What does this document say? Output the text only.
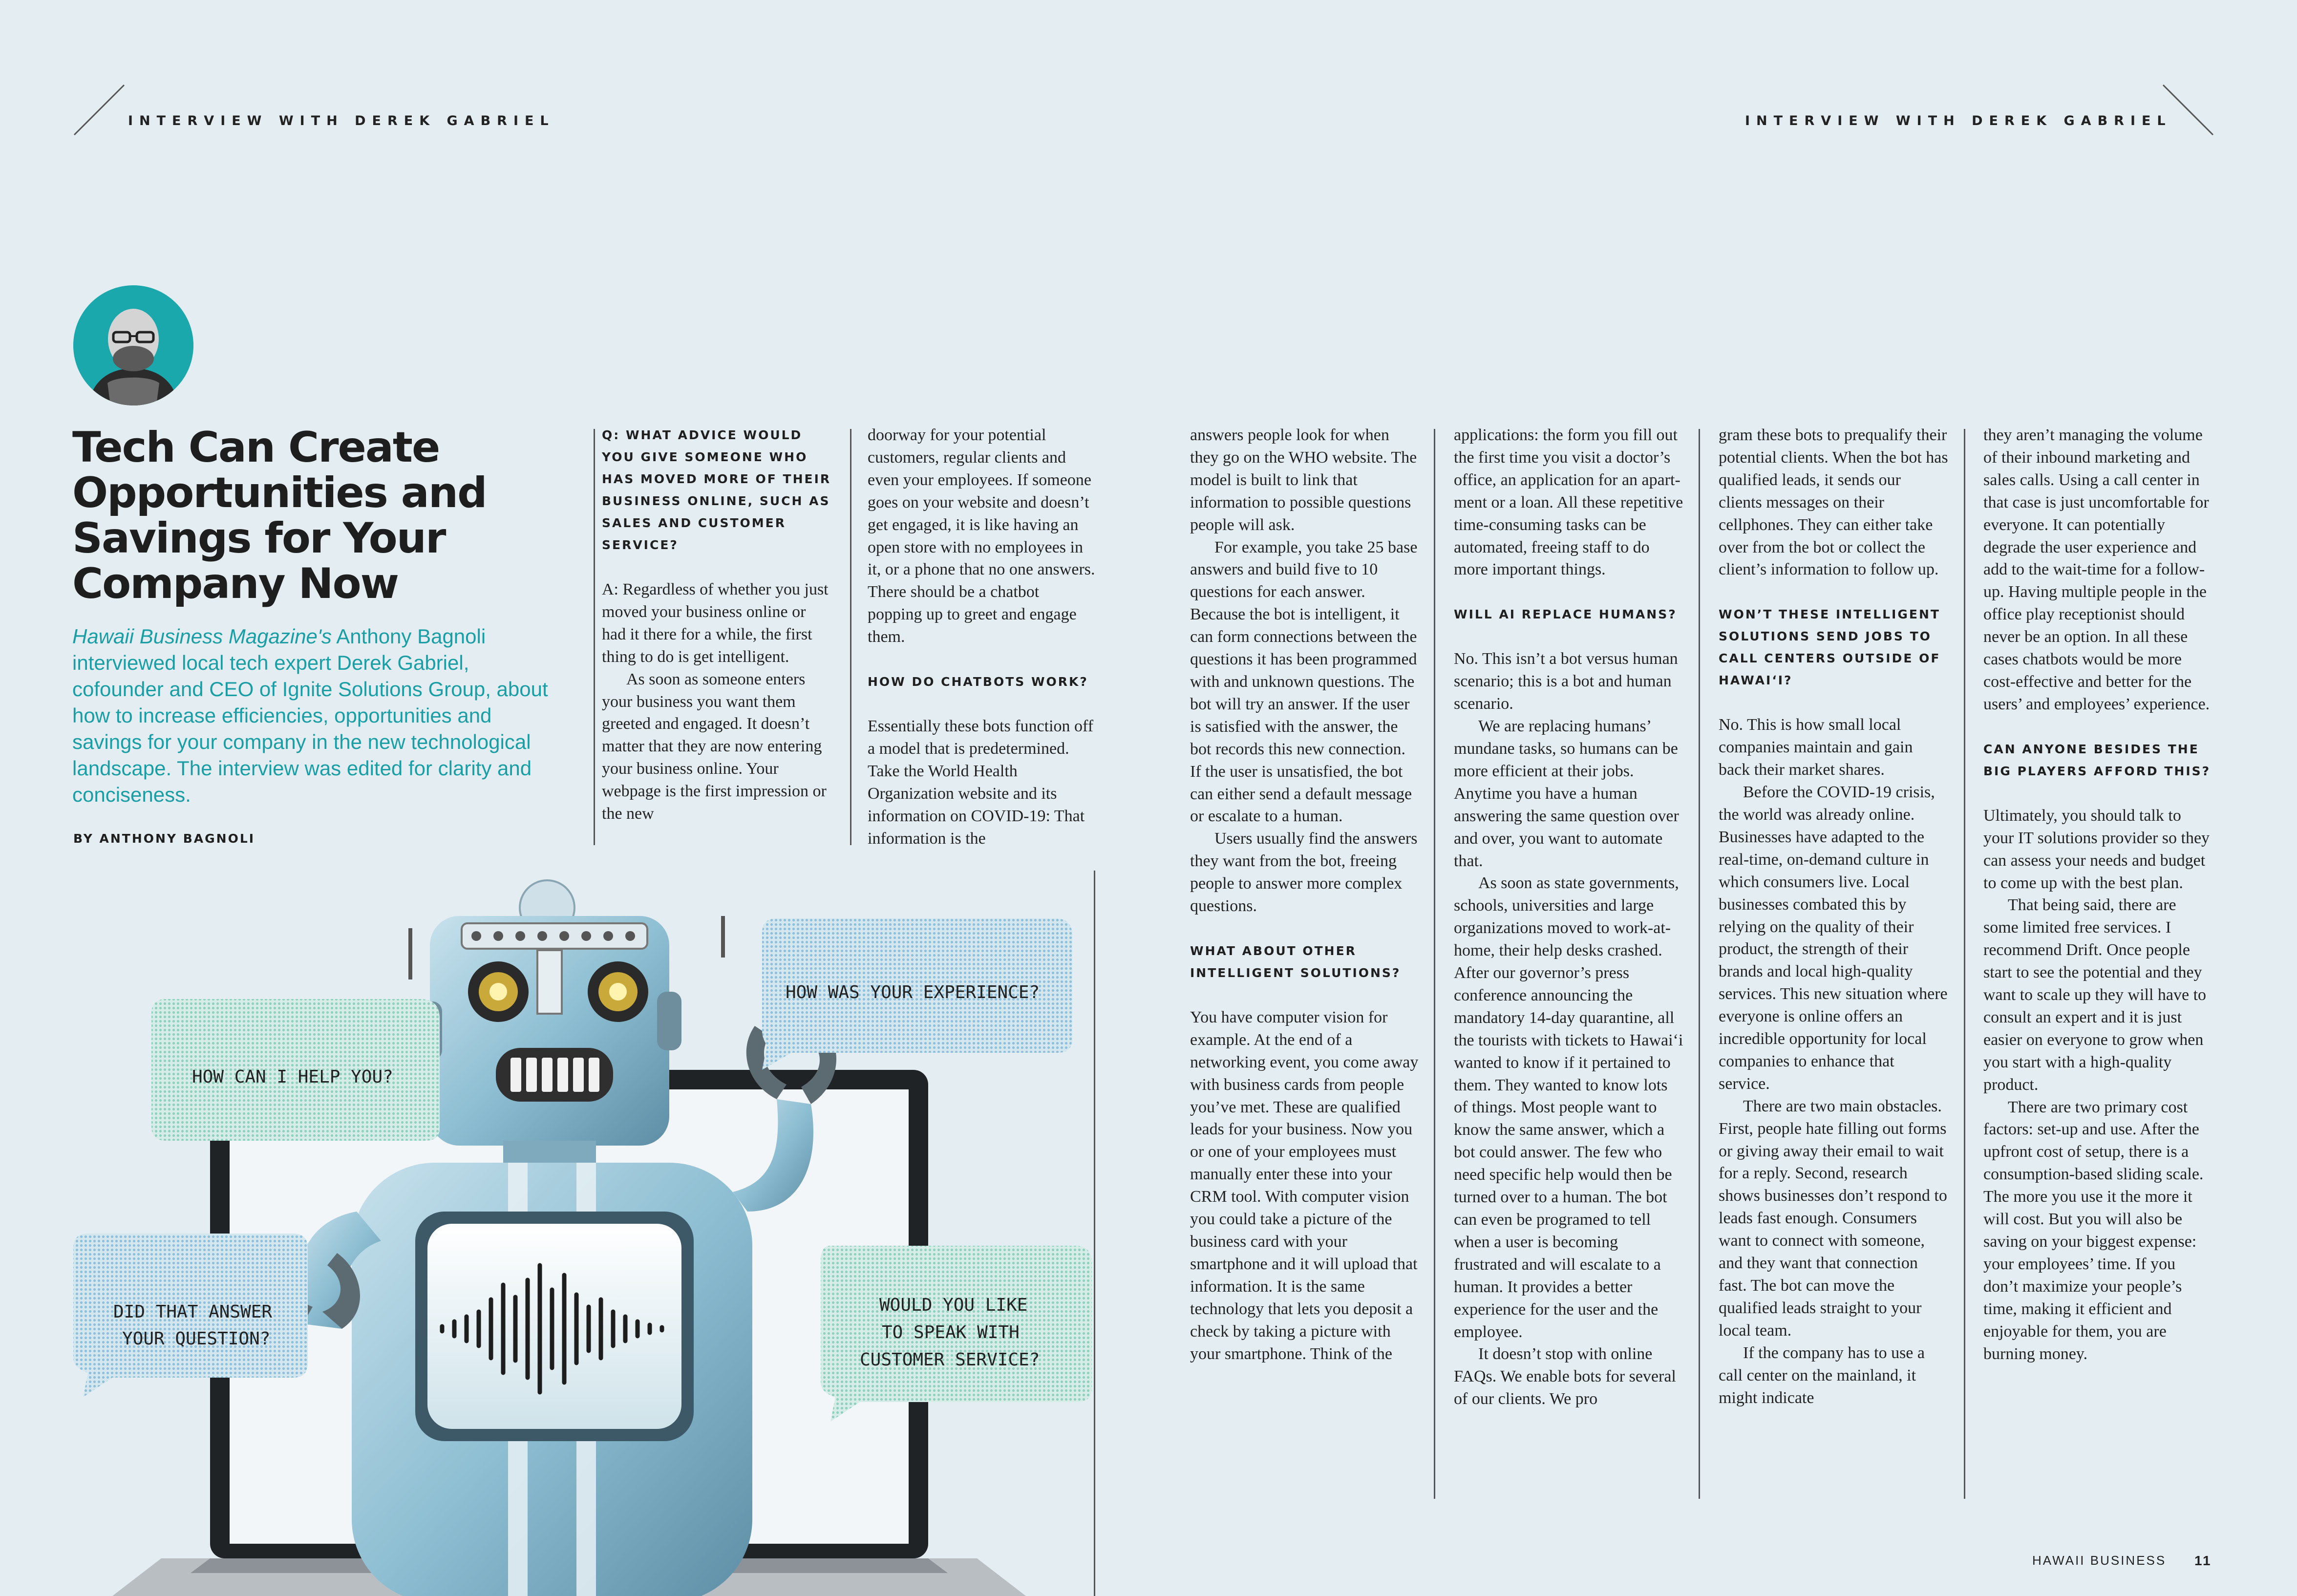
INTERVIEW WITH DEREK GABRIEL	INTERVIEW WITH DEREK GABRIEL
Tech Can Create Opportunities and Savings for Your Company Now

Hawaii Business Magazine's Anthony Bagnoli interviewed local tech expert Derek Gabriel, cofounder and CEO of Ignite Solutions Group, about how to increase efficiencies, opportunities and savings for your company in the new technological landscape. The interview was edited for clarity and conciseness.

BY ANTHONY BAGNOLI
Q: WHAT ADVICE WOULD YOU GIVE SOMEONE WHO HAS MOVED MORE OF THEIR BUSINESS ONLINE, SUCH AS SALES AND CUSTOMER SERVICE?

A: Regardless of whether you just moved your business online or had it there for a while, the first thing to do is get intelligent.

As soon as someone enters your business you want them greeted and engaged. It doesn’t matter that they are now entering your business online. Your webpage is the first impression or the new

doorway for your potential customers, regular clients and even your employees. If someone goes on your website and doesn’t get engaged, it is like having an open store with no employees in it, or a phone that no one answers. There should be a chatbot popping up to greet and engage them.

HOW DO CHATBOTS WORK?

Essentially these bots function off a model that is predetermined. Take the World Health Organization website and its information on COVID-19: That information is the

answers people look for when they go on the WHO website. The model is built to link that information to possible questions people will ask.

For example, you take 25 base answers and build five to 10 questions for each answer. Because the bot is intelligent, it can form connections between the questions it has been programmed with and unknown questions. The bot will try an answer. If the user is satisfied with the answer, the bot records this new connection. If the user is unsatisfied, the bot can either send a default message or escalate to a human.

Users usually find the answers they want from the bot, freeing people to answer more complex questions.

WHAT ABOUT OTHER INTELLIGENT SOLUTIONS?

You have computer vision for example. At the end of a networking event, you come away with business cards from people you’ve met. These are qualified leads for your business. Now you or one of your employees must manually enter these into your CRM tool. With computer vision you could take a picture of the business card with your smartphone and it will upload that information. It is the same technology that lets you deposit a check by taking a picture with your smartphone. Think of the

applications: the form you fill out the first time you visit a doctor’s office, an application for an apartment or a loan. All these repetitive time-consuming tasks can be automated, freeing staff to do more important things.

WILL AI REPLACE HUMANS?

No. This isn’t a bot versus human scenario; this is a bot and human scenario.

We are replacing humans’ mundane tasks, so humans can be more efficient at their jobs. Anytime you have a human answering the same question over and over, you want to automate that.

As soon as state governments, schools, universities and large organizations moved to work-at-home, their help desks crashed. After our governor’s press conference announcing the mandatory 14-day quarantine, all the tourists with tickets to Hawaiʻi wanted to know if it pertained to them. They wanted to know lots of things. Most people want to know the same answer, which a bot could answer. The few who need specific help would then be turned over to a human. The bot can even be programed to tell when a user is becoming frustrated and will escalate to a human. It provides a better experience for the user and the employee.

It doesn’t stop with online FAQs. We enable bots for several of our clients. We pro

gram these bots to prequalify their potential clients. When the bot has qualified leads, it sends our clients messages on their cellphones. They can either take over from the bot or collect the client’s information to follow up.

WON’T THESE INTELLIGENT SOLUTIONS SEND JOBS TO CALL CENTERS OUTSIDE OF HAWAIʻI?

No. This is how small local companies maintain and gain back their market shares.

Before the COVID-19 crisis, the world was already online. Businesses have adapted to the real-time, on-demand culture in which consumers live. Local businesses combated this by relying on the quality of their product, the strength of their brands and local high-quality services. This new situation where everyone is online offers an incredible opportunity for local companies to enhance that service.

There are two main obstacles. First, people hate filling out forms or giving away their email to wait for a reply. Second, research shows businesses don’t respond to leads fast enough. Consumers want to connect with someone, and they want that connection fast. The bot can move the qualified leads straight to your local team.

If the company has to use a call center on the mainland, it might indicate

they aren’t managing the volume of their inbound marketing and sales calls. Using a call center in that case is just uncomfortable for everyone. It can potentially degrade the user experience and add to the wait-time for a follow-up. Having multiple people in the office play receptionist should never be an option. In all these cases chatbots would be more cost-effective and better for the users’ and employees’ experience.

CAN ANYONE BESIDES THE BIG PLAYERS AFFORD THIS?

Ultimately, you should talk to your IT solutions provider so they can assess your needs and budget to come up with the best plan.

That being said, there are some limited free services. I recommend Drift. Once people start to see the potential and they want to scale up they will have to consult an expert and it is just easier on everyone to grow when you start with a high-quality product.

There are two primary cost factors: set-up and use. After the upfront cost of setup, there is a consumption-based sliding scale. The more you use it the more it will cost. But you will also be saving on your biggest expense: your employees’ time. If you don’t maximize your people’s time, making it efficient and enjoyable for them, you are burning money.

HOW CAN I HELP YOU?
HOW WAS YOUR EXPERIENCE?
DID THAT ANSWER
YOUR QUESTION?
WOULD YOU LIKE
TO SPEAK WITH
CUSTOMER SERVICE?
HAWAII BUSINESS 11
